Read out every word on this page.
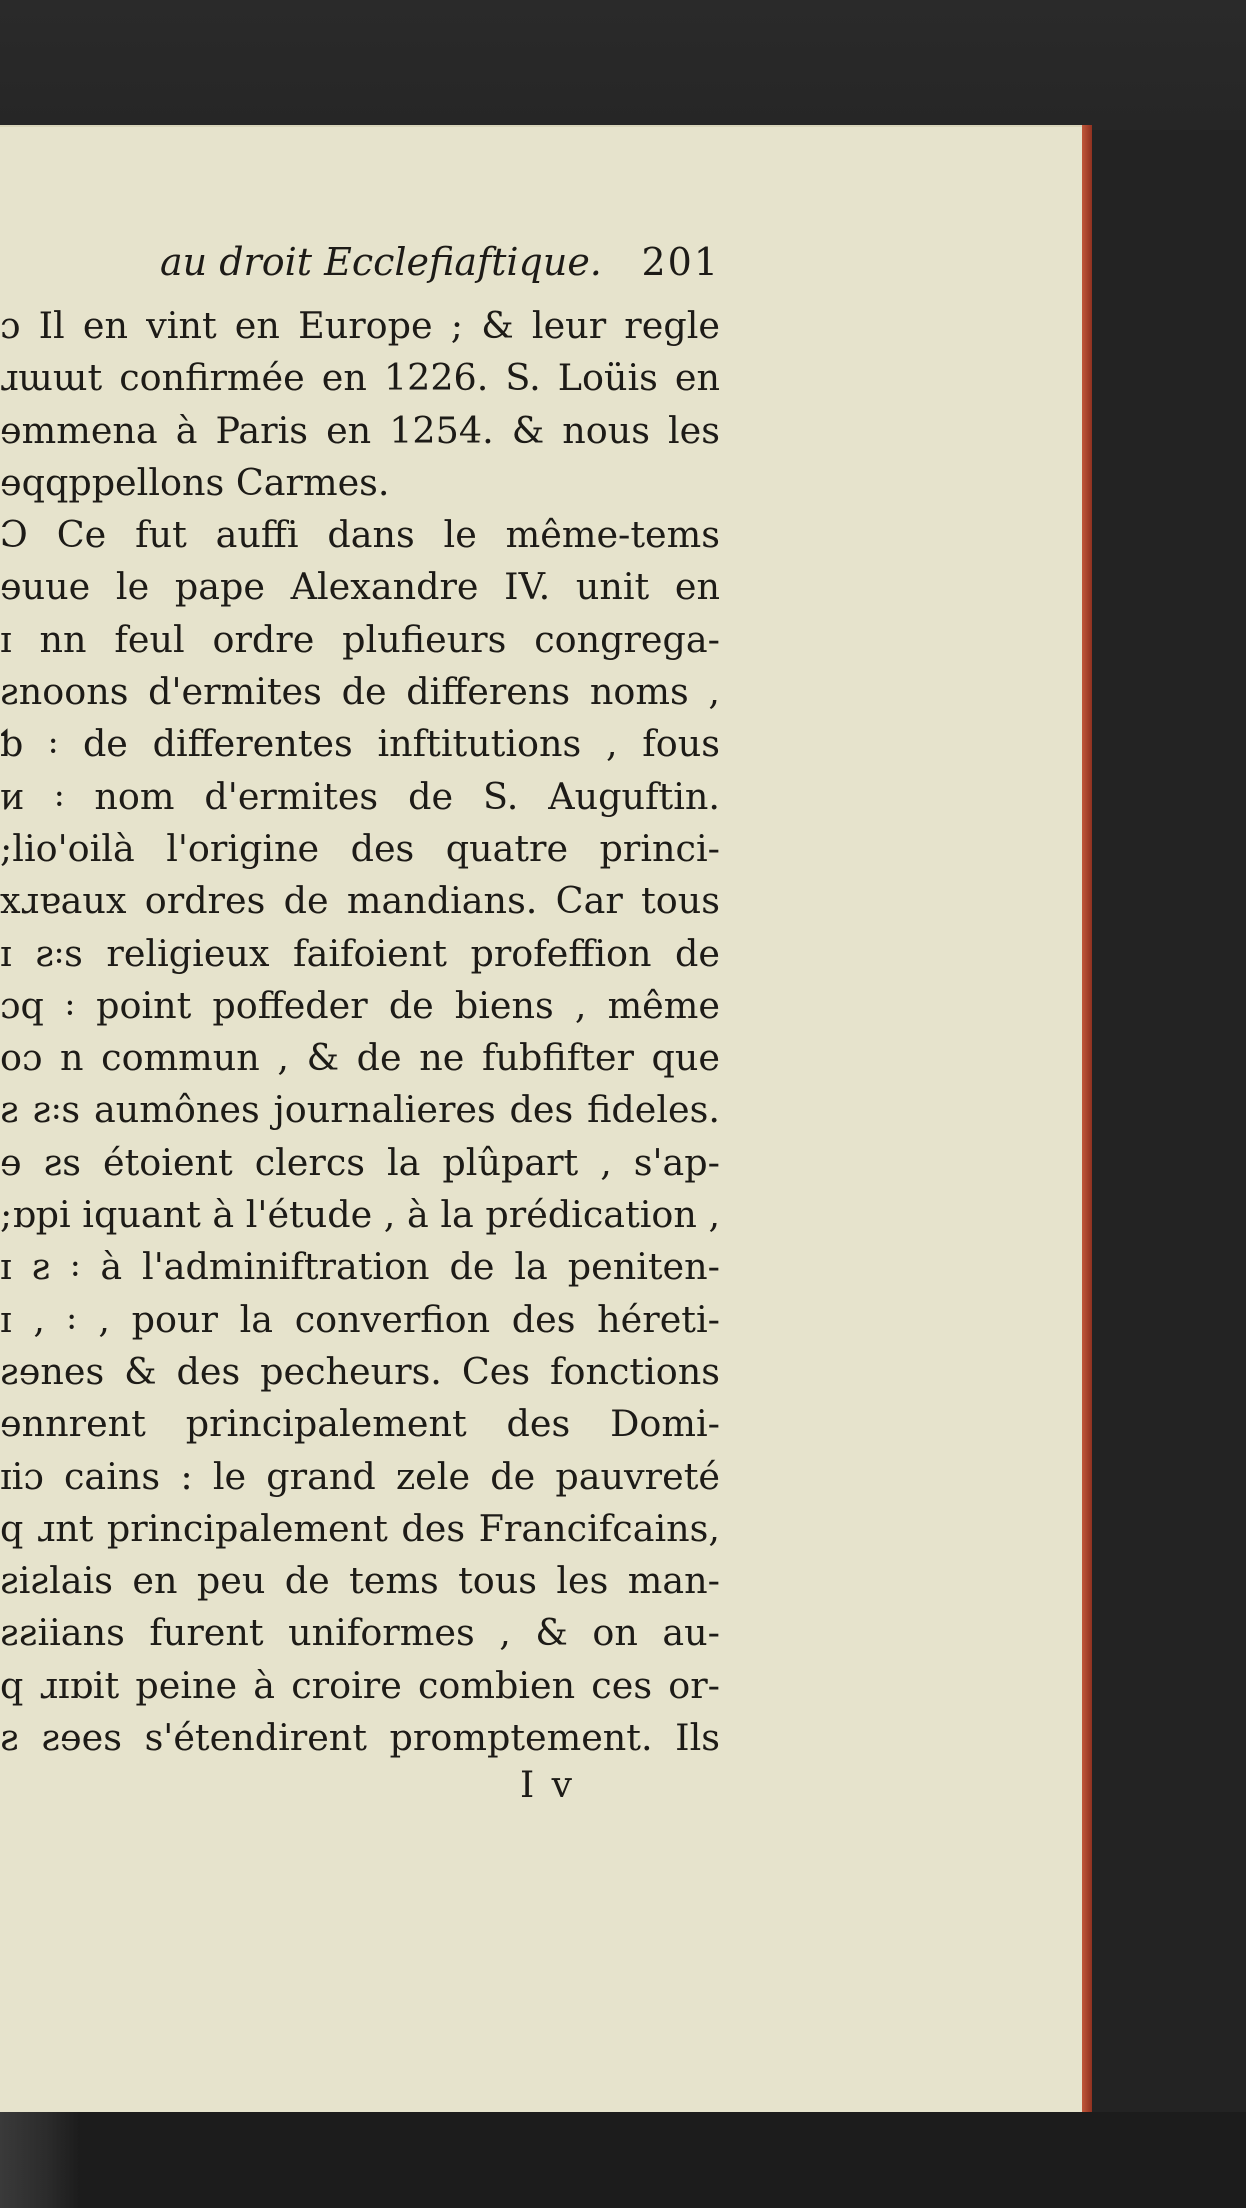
au droit Ecclefiaftique. 201
ɔ Il en vint en Europe ; & leur regle
ɹɯɯt confirmée en 1226. S. Loüis en
ɘmmena à Paris en 1254. & nous les
ɘqqppellons Carmes.
Ɔ Ce fut auffi dans le même-tems
ɘuue le pape Alexandre IV. unit en
ɪ nn feul ordre plufieurs congrega-
ƨnoons d'ermites de differens noms ,
ƅ ꞉ de differentes inftitutions , fous
ᴎ ꞉ nom d'ermites de S. Auguftin.
;lio'oilà l'origine des quatre princi-
xɹɐaux ordres de mandians. Car tous
ɪ ƨ꞉s religieux faifoient profeffion de
ɔq ꞉ point poffeder de biens , même
oɔ n commun , & de ne fubfifter que
ƨ ƨ꞉s aumônes journalieres des fideles.
ɘ ƨs étoient clercs la plûpart , s'ap-
;ɒpi iquant à l'étude , à la prédication ,
ɪ ƨ ꞉ à l'adminiftration de la peniten-
ɪ , ꞉ , pour la converfion des héreti-
ƨɘnes & des pecheurs. Ces fonctions
ɘnnrent principalement des Domi-
ɪiɔ cains : le grand zele de pauvreté
q ɹnt principalement des Francifcains,
ƨiƨlais en peu de tems tous les man-
ƨƨiians furent uniformes , & on au-
q ɹɪɒit peine à croire combien ces or-
ƨ ƨɘes s'étendirent promptement. Ils
I v
